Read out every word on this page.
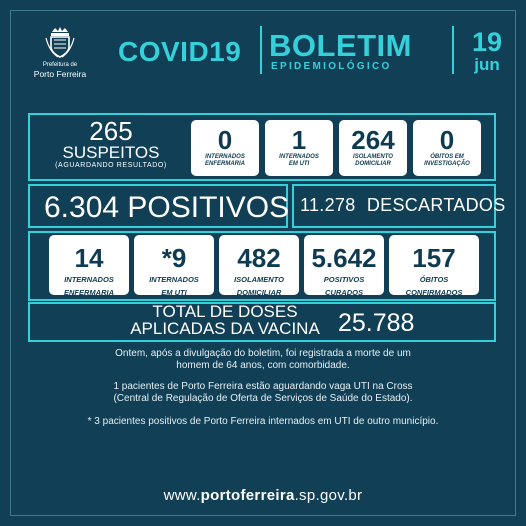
Prefeitura de
Porto Ferreira
COVID19 BOLETIM
EPIDEMIOLÓGICO
19
jun
265
SUSPEITOS
(AGUARDANDO RESULTADO)
0
INTERNADOS
ENFERMARIA
1
INTERNADOS
EM UTI
264
ISOLAMENTO
DOMICILIAR
0
ÓBITOS EM
INVESTIGAÇÃO
6.304 POSITIVOS 11.278 DESCARTADOS
14
INTERNADOS
ENFERMARIA
*9
INTERNADOS
EM UTI
482
ISOLAMENTO
DOMICILIAR
5.642
POSITIVOS
CURADOS
157
ÓBITOS
CONFIRMADOS
TOTAL DE DOSES
APLICADAS DA VACINA 25.788
Ontem, após a divulgação do boletim, foi registrada a morte de um
homem de 64 anos, com comorbidade.
1 pacientes de Porto Ferreira estão aguardando vaga UTI na Cross
(Central de Regulação de Oferta de Serviços de Saúde do Estado).
* 3 pacientes positivos de Porto Ferreira internados em UTI de outro município.
www.portoferreira.sp.gov.br
